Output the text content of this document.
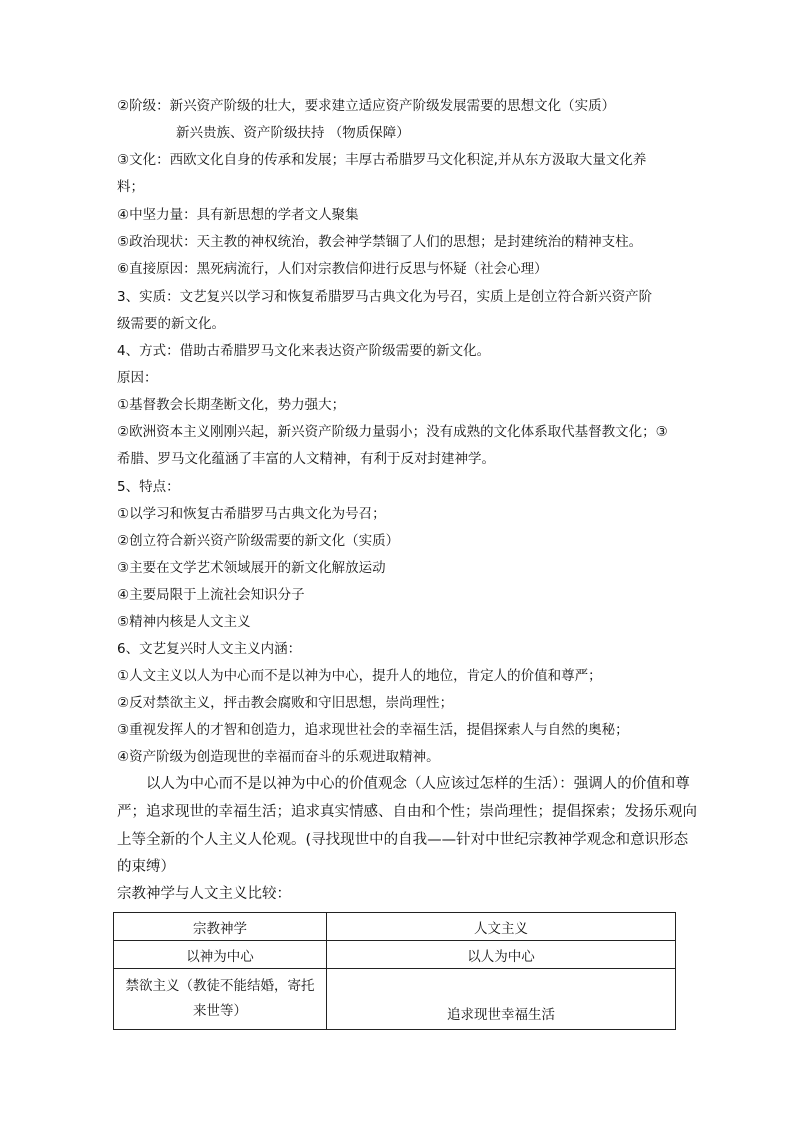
②阶级：新兴资产阶级的壮大，要求建立适应资产阶级发展需要的思想文化（实质）
新兴贵族、资产阶级扶持 （物质保障）
③文化：西欧文化自身的传承和发展；丰厚古希腊罗马文化积淀,并从东方汲取大量文化养
料；
④中坚力量：具有新思想的学者文人聚集
⑤政治现状：天主教的神权统治，教会神学禁锢了人们的思想；是封建统治的精神支柱。
⑥直接原因：黑死病流行，人们对宗教信仰进行反思与怀疑（社会心理）
3、实质：文艺复兴以学习和恢复希腊罗马古典文化为号召，实质上是创立符合新兴资产阶
级需要的新文化。
4、方式：借助古希腊罗马文化来表达资产阶级需要的新文化。
原因：
①基督教会长期垄断文化，势力强大；
②欧洲资本主义刚刚兴起，新兴资产阶级力量弱小；没有成熟的文化体系取代基督教文化；③
希腊、罗马文化蕴涵了丰富的人文精神，有利于反对封建神学。
5、特点：
①以学习和恢复古希腊罗马古典文化为号召；
②创立符合新兴资产阶级需要的新文化（实质）
③主要在文学艺术领域展开的新文化解放运动
④主要局限于上流社会知识分子
⑤精神内核是人文主义
6、文艺复兴时人文主义内涵：
①人文主义以人为中心而不是以神为中心，提升人的地位，肯定人的价值和尊严；
②反对禁欲主义，抨击教会腐败和守旧思想，崇尚理性；
③重视发挥人的才智和创造力，追求现世社会的幸福生活，提倡探索人与自然的奥秘；
④资产阶级为创造现世的幸福而奋斗的乐观进取精神。
以人为中心而不是以神为中心的价值观念（人应该过怎样的生活）：强调人的价值和尊
严；追求现世的幸福生活；追求真实情感、自由和个性；崇尚理性；提倡探索；发扬乐观向
上等全新的个人主义人伦观。(寻找现世中的自我——针对中世纪宗教神学观念和意识形态
的束缚）
宗教神学与人文主义比较：
宗教神学	人文主义
以神为中心	以人为中心

禁欲主义（教徒不能结婚，寄托
来世等）	追求现世幸福生活
